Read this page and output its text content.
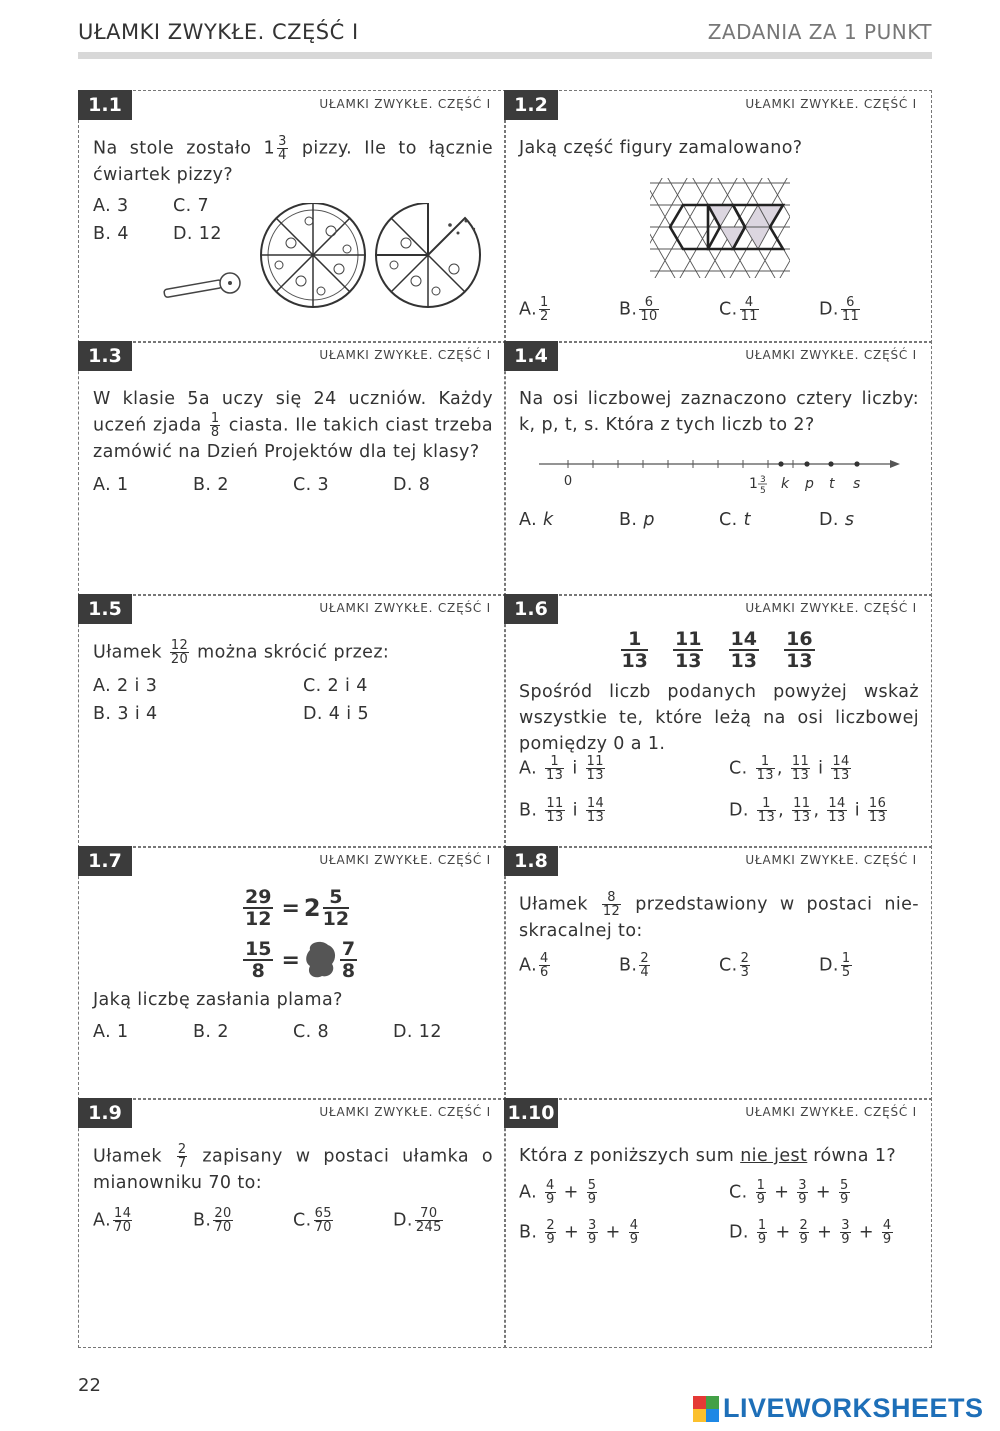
UŁAMKI ZWYKŁE. CZĘŚĆ I	ZADANIA ZA 1 PUNKT
1.1	UŁAMKI ZWYKŁE. CZĘŚĆ I
Na stole zostało $1 \frac{3}{4}$ pizzy. Ile to łącznie ćwiartek pizzy?
A. 3	C. 7
B. 4	D. 12
1.2	UŁAMKI ZWYKŁE. CZĘŚĆ I
Jaką część figury zamalowano?
A. $\frac{1}{2}$	B. $\frac{6}{10}$	C. $\frac{4}{11}$	D. $\frac{6}{11}$
1.3	UŁAMKI ZWYKŁE. CZĘŚĆ I
W klasie 5a uczy się 24 uczniów. Każdy uczeń zjada $\frac{1}{8}$ ciasta. Ile takich ciast trzeba zamówić na Dzień Projektów dla tej klasy?
A. 1	B. 2	C. 3	D. 8
1.4	UŁAMKI ZWYKŁE. CZĘŚĆ I
Na osi liczbowej zaznaczono cztery liczby: k, p, t, s. Która z tych liczb to 2?
0	1 3
5 k p t s
A. k	B. p	C. t	D. s
1.5	UŁAMKI ZWYKŁE. CZĘŚĆ I
Ułamek $\frac{12}{20}$ można skrócić przez:
A. 2 i 3	C. 2 i 4
B. 3 i 4	D. 4 i 5
1.6	UŁAMKI ZWYKŁE. CZĘŚĆ I
$\frac{1}{13}$
$\frac{11}{13}$
$\frac{14}{13}$
$\frac{16}{13}$
Spośród liczb podanych powyżej wskaż wszystkie te, które leżą na osi liczbowej pomiędzy 0 a 1.
A. $\frac{1}{13}$ i $\frac{11}{13}$	C. $\frac{1}{13}$ , $\frac{11}{13}$ i $\frac{14}{13}$
B. $\frac{11}{13}$ i $\frac{14}{13}$	D. $\frac{1}{13}$ , $\frac{11}{13}$ , $\frac{14}{13}$ i $\frac{16}{13}$
1.7	UŁAMKI ZWYKŁE. CZĘŚĆ I
$\frac{29}{12} = 2$ 5
12
$\frac{15}{8} = 7$
8
Jaką liczbę zasłania plama?
A. 1	B. 2	C. 8	D. 12
1.8	UŁAMKI ZWYKŁE. CZĘŚĆ I
Ułamek $\frac{8}{12}$ przedstawiony w postaci nie-skracalnej to:
A. $\frac{4}{6}$	B. $\frac{2}{4}$	C. $\frac{2}{3}$	D. $\frac{1}{5}$
1.9	UŁAMKI ZWYKŁE. CZĘŚĆ I
Ułamek $\frac{2}{7}$ zapisany w postaci ułamka o mianowniku 70 to:
A. $\frac{14}{70}$	B. $\frac{20}{70}$	C. $\frac{65}{70}$	D. $\frac{70}{245}$
1.10	UŁAMKI ZWYKŁE. CZĘŚĆ I
Która z poniższych sum nie jest równa 1?
A. $\frac{4}{9} + \frac{5}{9}$	C. $\frac{1}{9} + \frac{3}{9} + \frac{5}{9}$
B. $\frac{2}{9} + \frac{3}{9} + \frac{4}{9}$	D. $\frac{1}{9} + \frac{2}{9} + \frac{3}{9} + \frac{4}{9}$
22
LIVEWORKSHEETS
